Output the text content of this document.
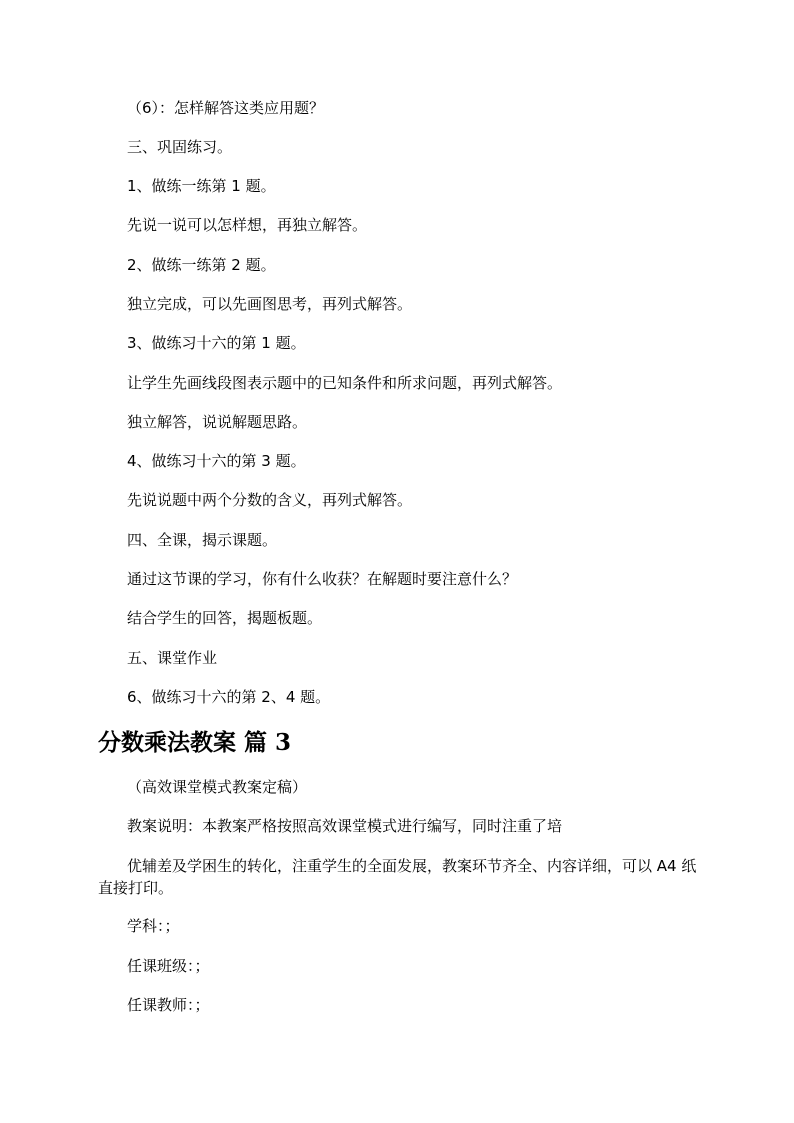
（6）：怎样解答这类应用题？
三、巩固练习。
1、做练一练第 1 题。
先说一说可以怎样想，再独立解答。
2、做练一练第 2 题。
独立完成，可以先画图思考，再列式解答。
3、做练习十六的第 1 题。
让学生先画线段图表示题中的已知条件和所求问题，再列式解答。
独立解答，说说解题思路。
4、做练习十六的第 3 题。
先说说题中两个分数的含义，再列式解答。
四、全课，揭示课题。
通过这节课的学习，你有什么收获？在解题时要注意什么？
结合学生的回答，揭题板题。
五、课堂作业
6、做练习十六的第 2、4 题。
分数乘法教案 篇 3
（高效课堂模式教案定稿）
教案说明：本教案严格按照高效课堂模式进行编写，同时注重了培
优辅差及学困生的转化，注重学生的全面发展，教案环节齐全、内容详细，可以 A4 纸直接打印。
学科：；
任课班级：；
任课教师：；
